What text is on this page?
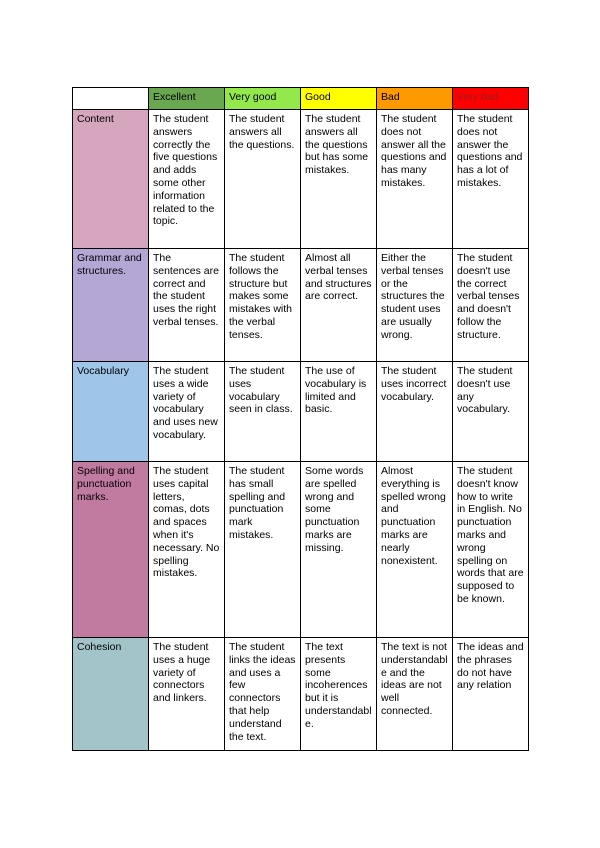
	Excellent	Very good	Good	Bad	Very bad
Content	The student answers correctly the five questions and adds some other information related to the topic.	The student answers all the questions.	The student answers all the questions but has some mistakes.	The student does not answer all the questions and has many mistakes.	The student does not answer the questions and has a lot of mistakes.
Grammar and structures.	The sentences are correct and the student uses the right verbal tenses.	The student follows the structure but makes some mistakes with the verbal tenses.	Almost all verbal tenses and structures are correct.	Either the verbal tenses or the structures the student uses are usually wrong.	The student doesn't use the correct verbal tenses and doesn't follow the structure.
Vocabulary	The student uses a wide variety of vocabulary and uses new vocabulary.	The student uses vocabulary seen in class.	The use of vocabulary is limited and basic.	The student uses incorrect vocabulary.	The student doesn't use any vocabulary.
Spelling and punctuation marks.	The student uses capital letters, comas, dots and spaces when it's necessary. No spelling mistakes.	The student has small spelling and punctuation mark mistakes.	Some words are spelled wrong and some punctuation marks are missing.	Almost everything is spelled wrong and punctuation marks are nearly nonexistent.	The student doesn't know how to write in English. No punctuation marks and wrong spelling on words that are supposed to be known.
Cohesion	The student uses a huge variety of connectors and linkers.	The student links the ideas and uses a few connectors that help understand the text.	The text presents some incoherences but it is understandable.	The text is not understandable and the ideas are not well connected.	The ideas and the phrases do not have any relation
